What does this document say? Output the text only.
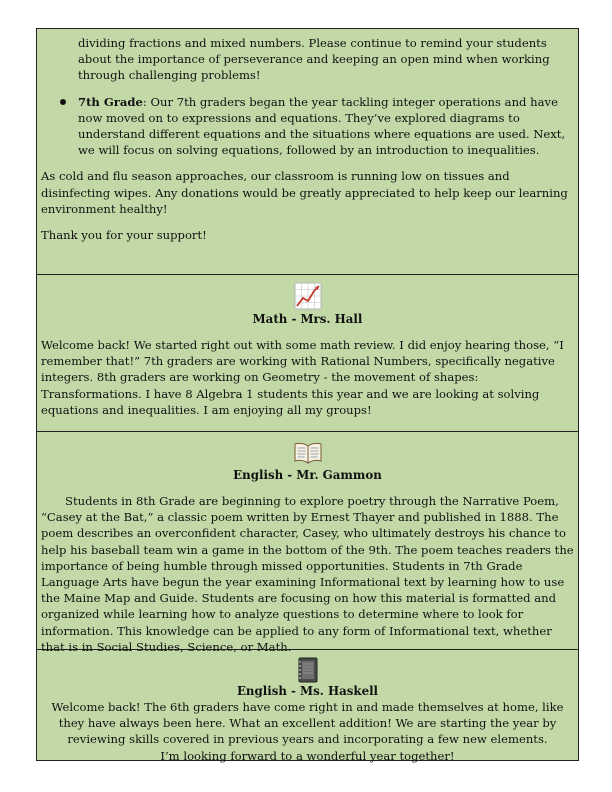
dividing fractions and mixed numbers. Please continue to remind your students about the importance of perseverance and keeping an open mind when working through challenging problems!

7th Grade: Our 7th graders began the year tackling integer operations and have now moved on to expressions and equations. They’ve explored diagrams to understand different equations and the situations where equations are used. Next, we will focus on solving equations, followed by an introduction to inequalities.

As cold and flu season approaches, our classroom is running low on tissues and disinfecting wipes. Any donations would be greatly appreciated to help keep our learning environment healthy!

Thank you for your support!

Math - Mrs. Hall

Welcome back! We started right out with some math review. I did enjoy hearing those, “I remember that!” 7th graders are working with Rational Numbers, specifically negative integers. 8th graders are working on Geometry - the movement of shapes: Transformations. I have 8 Algebra 1 students this year and we are looking at solving equations and inequalities. I am enjoying all my groups!

English - Mr. Gammon

Students in 8th Grade are beginning to explore poetry through the Narrative Poem, “Casey at the Bat,” a classic poem written by Ernest Thayer and published in 1888. The poem describes an overconfident character, Casey, who ultimately destroys his chance to help his baseball team win a game in the bottom of the 9th. The poem teaches readers the importance of being humble through missed opportunities. Students in 7th Grade Language Arts have begun the year examining Informational text by learning how to use the Maine Map and Guide. Students are focusing on how this material is formatted and organized while learning how to analyze questions to determine where to look for information. This knowledge can be applied to any form of Informational text, whether that is in Social Studies, Science, or Math.

English - Ms. Haskell

Welcome back! The 6th graders have come right in and made themselves at home, like they have always been here. What an excellent addition! We are starting the year by reviewing skills covered in previous years and incorporating a few new elements.

I’m looking forward to a wonderful year together!
